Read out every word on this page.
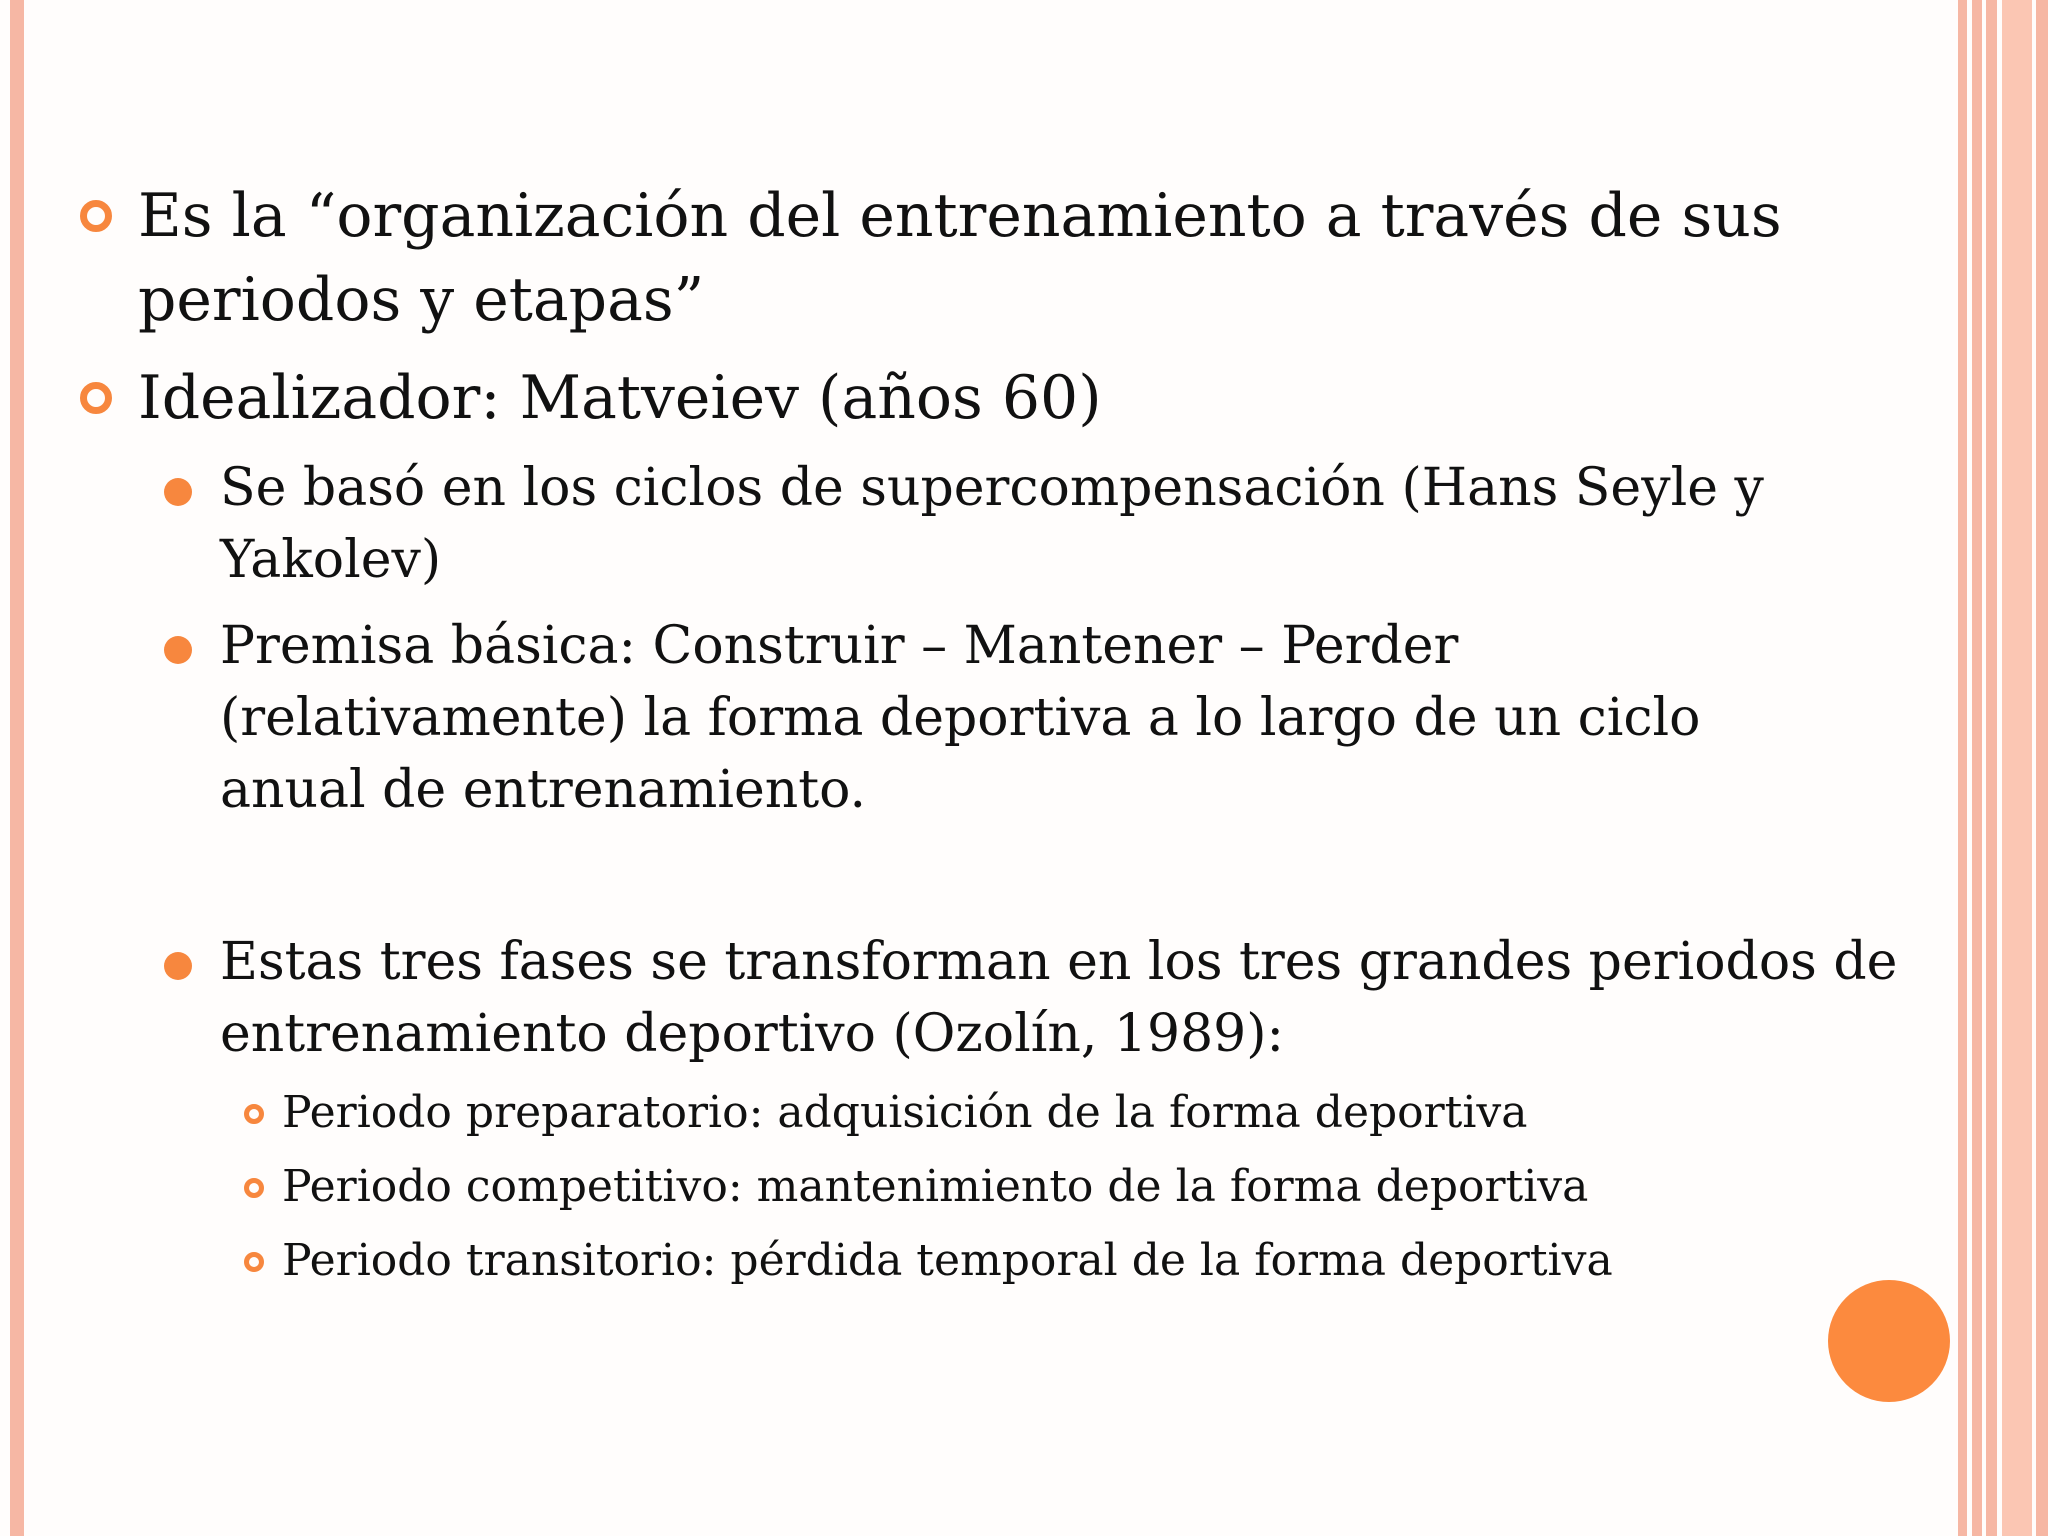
Es la “organización del entrenamiento a través de sus periodos y etapas”
Idealizador: Matveiev (años 60)
Se basó en los ciclos de supercompensación (Hans Seyle y Yakolev)
Premisa básica: Construir – Mantener – Perder (relativamente) la forma deportiva a lo largo de un ciclo anual de entrenamiento.
Estas tres fases se transforman en los tres grandes periodos de entrenamiento deportivo (Ozolín, 1989):
Periodo preparatorio: adquisición de la forma deportiva
Periodo competitivo: mantenimiento de la forma deportiva
Periodo transitorio: pérdida temporal de la forma deportiva
